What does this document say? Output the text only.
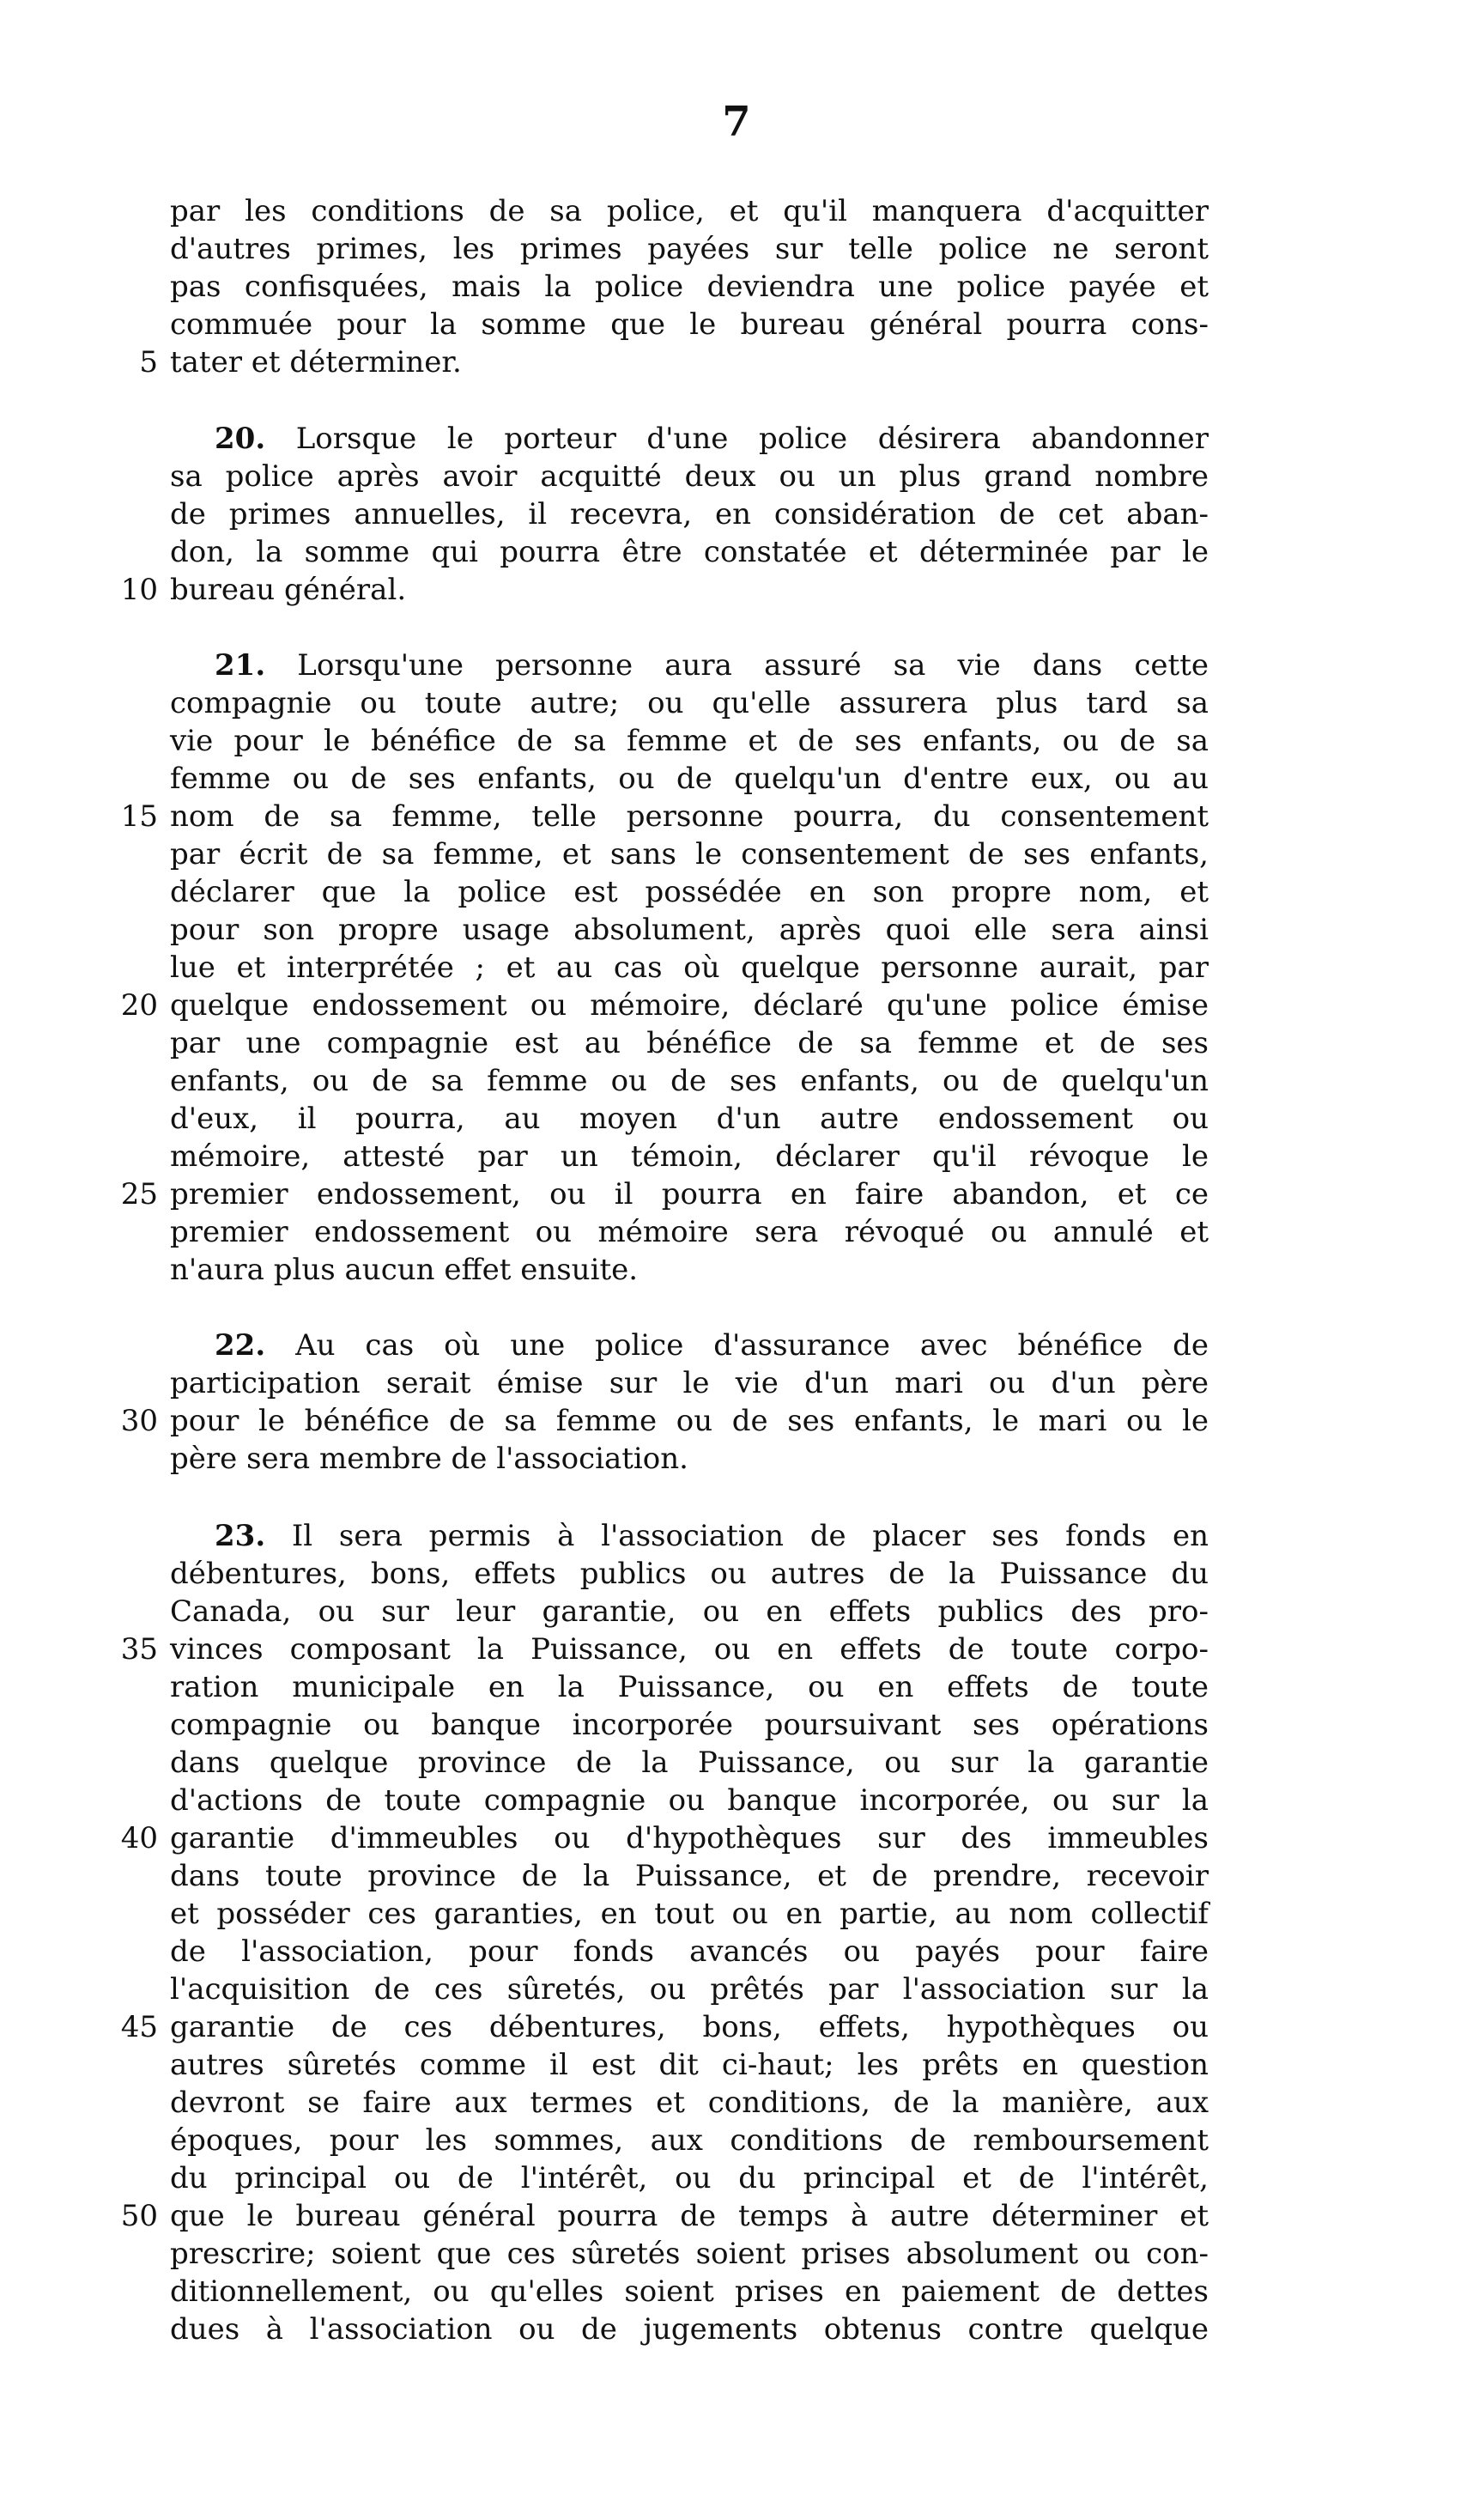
7
par les conditions de sa police, et qu'il manquera d'acquitter
d'autres primes, les primes payées sur telle police ne seront
pas confisquées, mais la police deviendra une police payée et
commuée pour la somme que le bureau général pourra cons-
5 tater et déterminer.
20. Lorsque le porteur d'une police désirera abandonner
sa police après avoir acquitté deux ou un plus grand nombre
de primes annuelles, il recevra, en considération de cet aban-
don, la somme qui pourra être constatée et déterminée par le
10 bureau général.
21. Lorsqu'une personne aura assuré sa vie dans cette
compagnie ou toute autre; ou qu'elle assurera plus tard sa
vie pour le bénéfice de sa femme et de ses enfants, ou de sa
femme ou de ses enfants, ou de quelqu'un d'entre eux, ou au
15 nom de sa femme, telle personne pourra, du consentement
par écrit de sa femme, et sans le consentement de ses enfants,
déclarer que la police est possédée en son propre nom, et
pour son propre usage absolument, après quoi elle sera ainsi
lue et interprétée ; et au cas où quelque personne aurait, par
20 quelque endossement ou mémoire, déclaré qu'une police émise
par une compagnie est au bénéfice de sa femme et de ses
enfants, ou de sa femme ou de ses enfants, ou de quelqu'un
d'eux, il pourra, au moyen d'un autre endossement ou
mémoire, attesté par un témoin, déclarer qu'il révoque le
25 premier endossement, ou il pourra en faire abandon, et ce
premier endossement ou mémoire sera révoqué ou annulé et
n'aura plus aucun effet ensuite.
22. Au cas où une police d'assurance avec bénéfice de
participation serait émise sur le vie d'un mari ou d'un père
30 pour le bénéfice de sa femme ou de ses enfants, le mari ou le
père sera membre de l'association.
23. Il sera permis à l'association de placer ses fonds en
débentures, bons, effets publics ou autres de la Puissance du
Canada, ou sur leur garantie, ou en effets publics des pro-
35 vinces composant la Puissance, ou en effets de toute corpo-
ration municipale en la Puissance, ou en effets de toute
compagnie ou banque incorporée poursuivant ses opérations
dans quelque province de la Puissance, ou sur la garantie
d'actions de toute compagnie ou banque incorporée, ou sur la
40 garantie d'immeubles ou d'hypothèques sur des immeubles
dans toute province de la Puissance, et de prendre, recevoir
et posséder ces garanties, en tout ou en partie, au nom collectif
de l'association, pour fonds avancés ou payés pour faire
l'acquisition de ces sûretés, ou prêtés par l'association sur la
45 garantie de ces débentures, bons, effets, hypothèques ou
autres sûretés comme il est dit ci-haut; les prêts en question
devront se faire aux termes et conditions, de la manière, aux
époques, pour les sommes, aux conditions de remboursement
du principal ou de l'intérêt, ou du principal et de l'intérêt,
50 que le bureau général pourra de temps à autre déterminer et
prescrire; soient que ces sûretés soient prises absolument ou con-
ditionnellement, ou qu'elles soient prises en paiement de dettes
dues à l'association ou de jugements obtenus contre quelque
